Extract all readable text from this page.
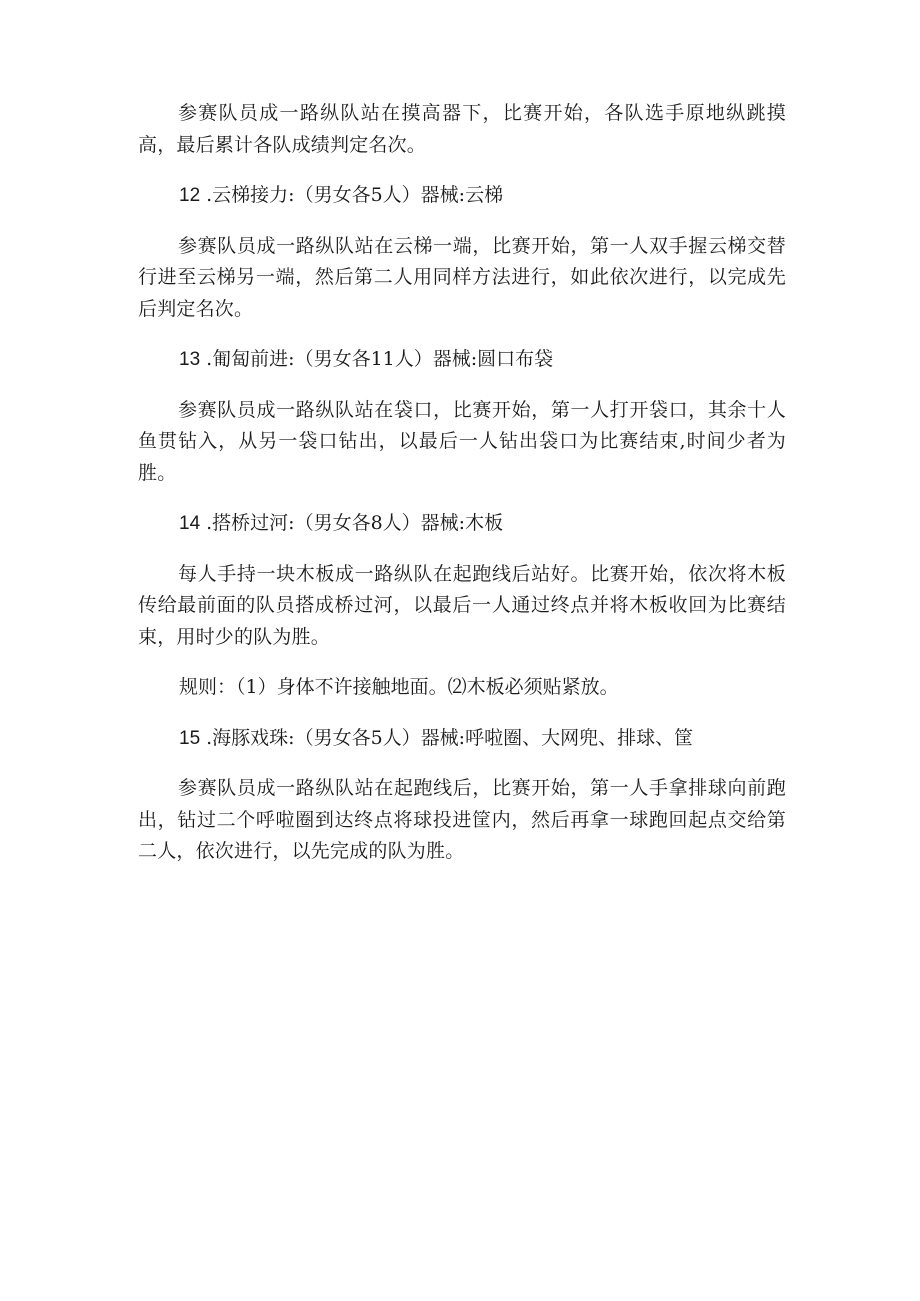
参赛队员成一路纵队站在摸高器下，比赛开始，各队选手原地纵跳摸高，最后累计各队成绩判定名次。

12 .云梯接力:（男女各5人）器械:云梯

参赛队员成一路纵队站在云梯一端，比赛开始，第一人双手握云梯交替行进至云梯另一端，然后第二人用同样方法进行，如此依次进行，以完成先后判定名次。

13 .匍匐前进:（男女各11人）器械:圆口布袋

参赛队员成一路纵队站在袋口，比赛开始，第一人打开袋口，其余十人鱼贯钻入，从另一袋口钻出，以最后一人钻出袋口为比赛结束,时间少者为胜。

14 .搭桥过河:（男女各8人）器械:木板

每人手持一块木板成一路纵队在起跑线后站好。比赛开始，依次将木板传给最前面的队员搭成桥过河，以最后一人通过终点并将木板收回为比赛结束，用时少的队为胜。

规则：（1）身体不许接触地面。⑵木板必须贴紧放。

15 .海豚戏珠:（男女各5人）器械:呼啦圈、大网兜、排球、筐

参赛队员成一路纵队站在起跑线后，比赛开始，第一人手拿排球向前跑出，钻过二个呼啦圈到达终点将球投进筐内，然后再拿一球跑回起点交给第二人，依次进行，以先完成的队为胜。
